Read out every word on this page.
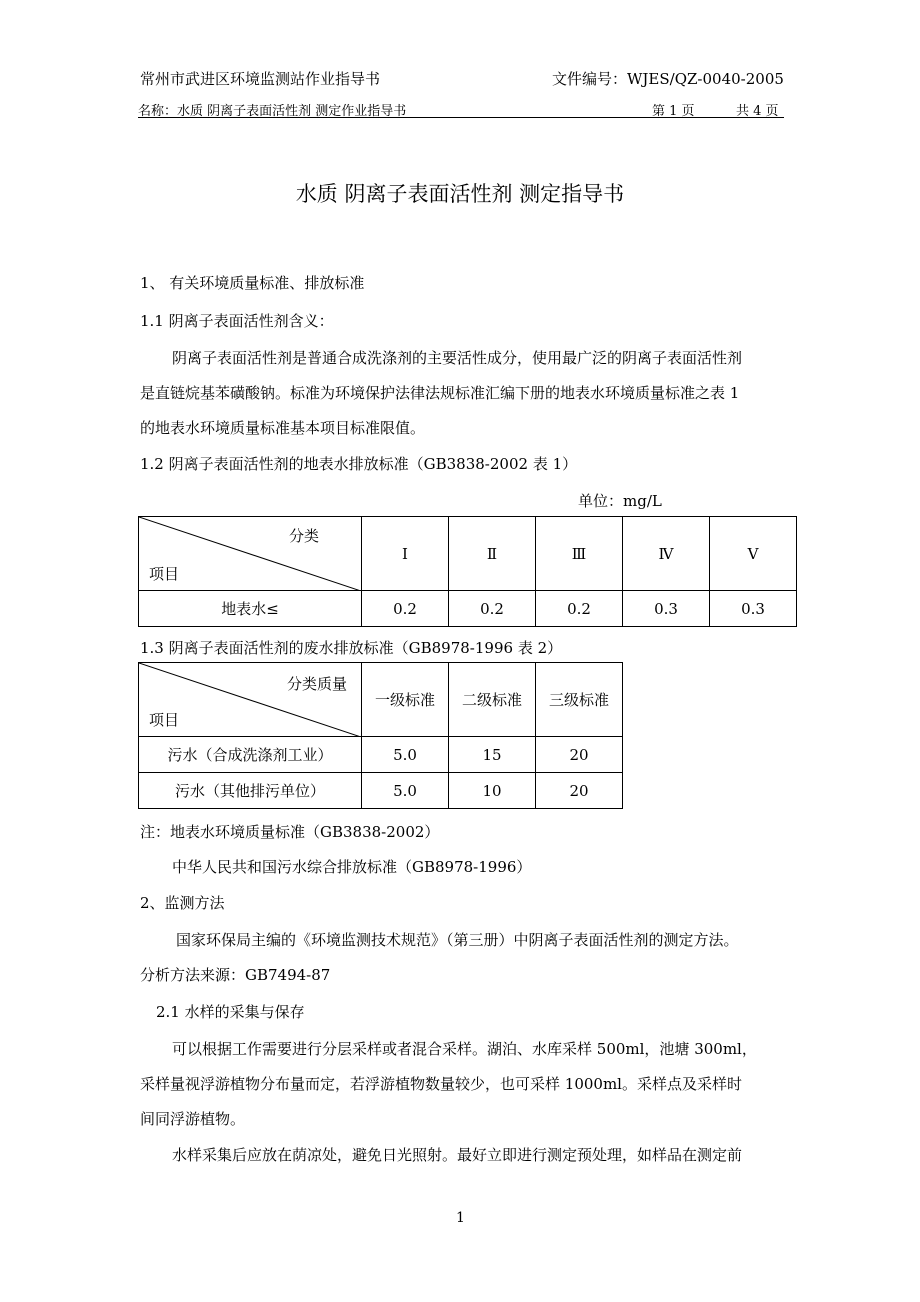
常州市武进区环境监测站作业指导书	文件编号：WJES/QZ-0040-2005
名称：水质 阴离子表面活性剂 测定作业指导书	第 1 页	共 4 页
水质 阴离子表面活性剂 测定指导书
1、 有关环境质量标准、排放标准
1.1 阴离子表面活性剂含义：
阴离子表面活性剂是普通合成洗涤剂的主要活性成分，使用最广泛的阴离子表面活性剂
是直链烷基苯磺酸钠。标准为环境保护法律法规标准汇编下册的地表水环境质量标准之表 1
的地表水环境质量标准基本项目标准限值。
1.2 阴离子表面活性剂的地表水排放标准（GB3838-2002 表 1）
单位：mg/L
分类
项目	Ⅰ	Ⅱ	Ⅲ	Ⅳ	Ⅴ
地表水≤	0.2	0.2	0.2	0.3	0.3
1.3 阴离子表面活性剂的废水排放标准（GB8978-1996 表 2）
分类质量
项目	一级标准	二级标准	三级标准
污水（合成洗涤剂工业）	5.0	15	20
污水（其他排污单位）	5.0	10	20
注：地表水环境质量标准（GB3838-2002）
中华人民共和国污水综合排放标准（GB8978-1996）
2、监测方法
国家环保局主编的《环境监测技术规范》（第三册）中阴离子表面活性剂的测定方法。
分析方法来源：GB7494-87
2.1 水样的采集与保存
可以根据工作需要进行分层采样或者混合采样。湖泊、水库采样 500ml，池塘 300ml，
采样量视浮游植物分布量而定，若浮游植物数量较少，也可采样 1000ml。采样点及采样时
间同浮游植物。
水样采集后应放在荫凉处，避免日光照射。最好立即进行测定预处理，如样品在测定前
1
